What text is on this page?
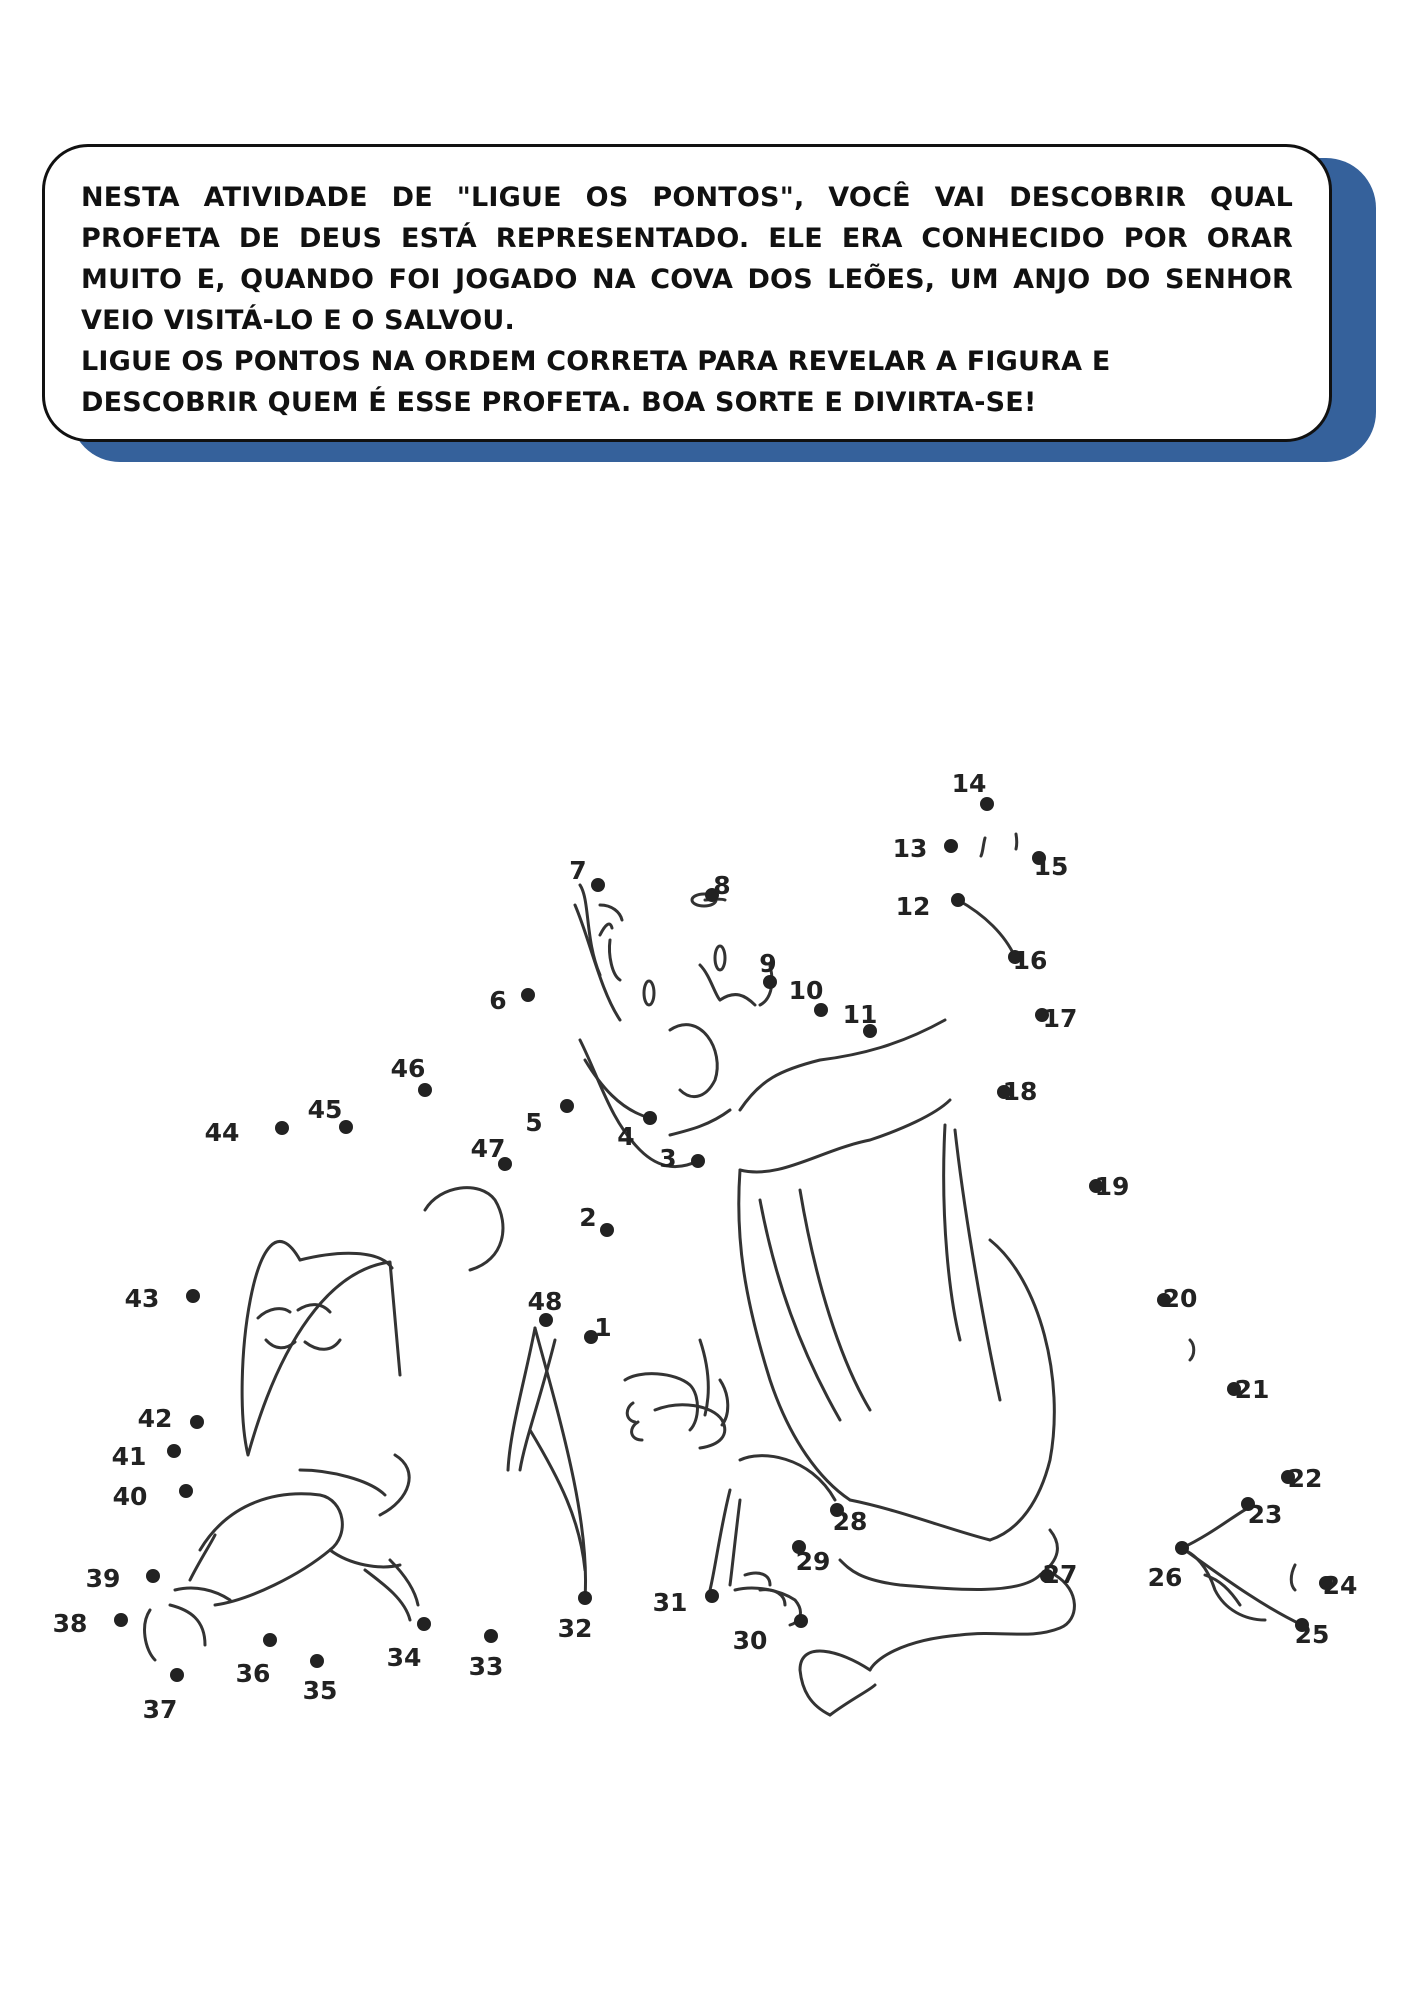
NESTA ATIVIDADE DE "LIGUE OS PONTOS", VOCÊ VAI DESCOBRIR QUAL PROFETA DE DEUS ESTÁ REPRESENTADO. ELE ERA CONHECIDO POR ORAR MUITO E, QUANDO FOI JOGADO NA COVA DOS LEÕES, UM ANJO DO SENHOR VEIO VISITÁ-LO E O SALVOU.

LIGUE OS PONTOS NA ORDEM CORRETA PARA REVELAR A FIGURA E DESCOBRIR QUEM É ESSE PROFETA. BOA SORTE E DIVIRTA-SE!

1
2
3
4
5
6
7
8
9
10
11
12
13
14
15
16
17
18
19
20
21
22
23
24
25
26
27
28
29
30
31
32
33
34
35
36
37
38
39
40
41
42
43
44
45
46
47
48
